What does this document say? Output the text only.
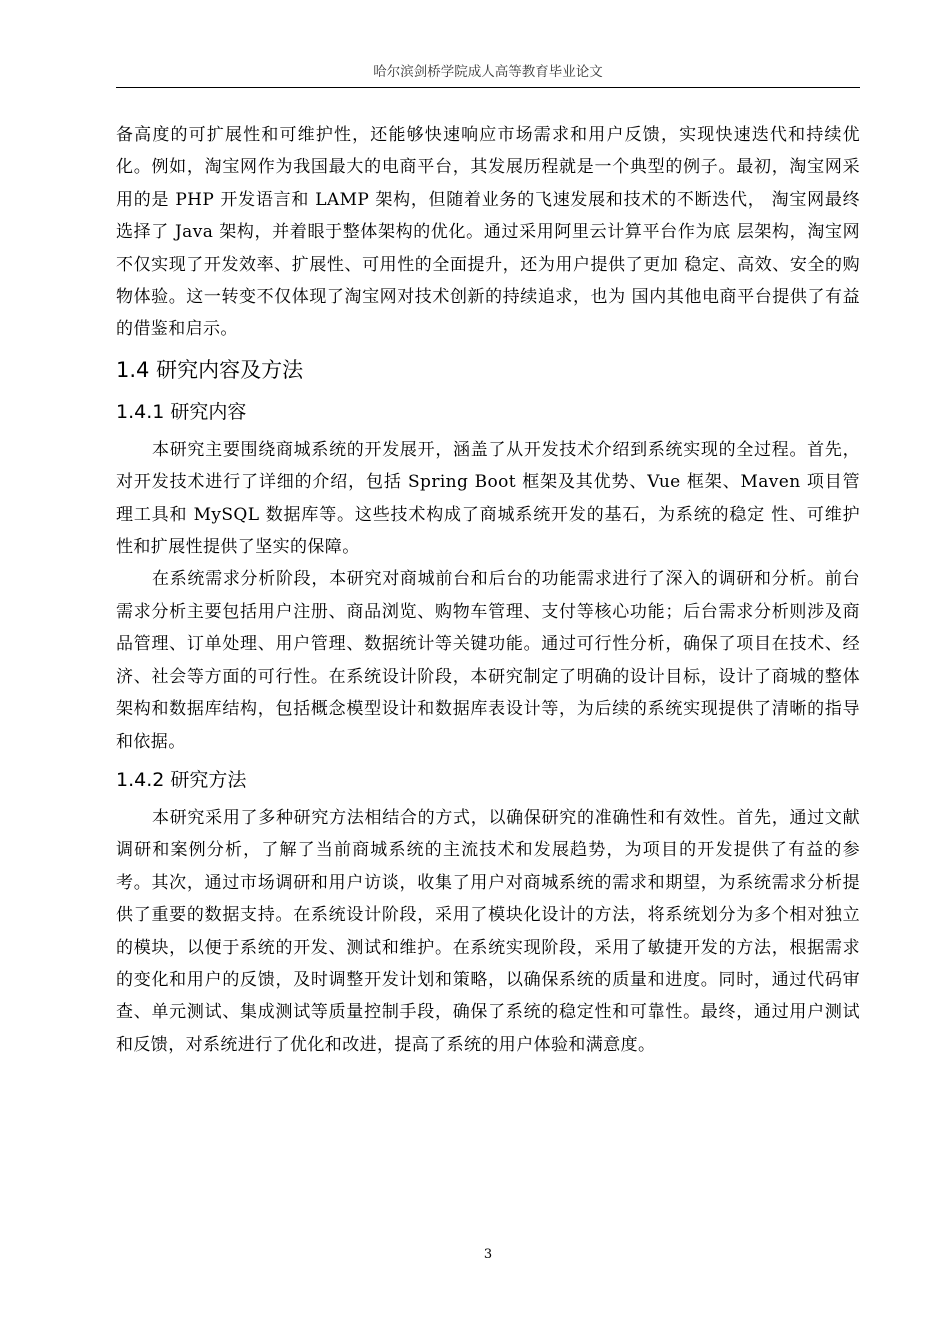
哈尔滨剑桥学院成人高等教育毕业论文

备高度的可扩展性和可维护性，还能够快速响应市场需求和用户反馈，实现快速迭代和持续优化。例如，淘宝网作为我国最大的电商平台，其发展历程就是一个典型的例子。最初，淘宝网采用的是 PHP 开发语言和 LAMP 架构，但随着业务的飞速发展和技术的不断迭代， 淘宝网最终选择了 Java 架构，并着眼于整体架构的优化。通过采用阿里云计算平台作为底 层架构，淘宝网不仅实现了开发效率、扩展性、可用性的全面提升，还为用户提供了更加 稳定、高效、安全的购物体验。这一转变不仅体现了淘宝网对技术创新的持续追求，也为 国内其他电商平台提供了有益的借鉴和启示。

1.4 研究内容及方法
1.4.1 研究内容

本研究主要围绕商城系统的开发展开，涵盖了从开发技术介绍到系统实现的全过程。首先，对开发技术进行了详细的介绍，包括 Spring Boot 框架及其优势、Vue 框架、Maven 项目管理工具和 MySQL 数据库等。这些技术构成了商城系统开发的基石，为系统的稳定 性、可维护性和扩展性提供了坚实的保障。

在系统需求分析阶段，本研究对商城前台和后台的功能需求进行了深入的调研和分析。前台需求分析主要包括用户注册、商品浏览、购物车管理、支付等核心功能；后台需求分析则涉及商品管理、订单处理、用户管理、数据统计等关键功能。通过可行性分析，确保了项目在技术、经济、社会等方面的可行性。在系统设计阶段，本研究制定了明确的设计目标，设计了商城的整体架构和数据库结构，包括概念模型设计和数据库表设计等，为后续的系统实现提供了清晰的指导和依据。

1.4.2 研究方法

本研究采用了多种研究方法相结合的方式，以确保研究的准确性和有效性。首先，通过文献调研和案例分析，了解了当前商城系统的主流技术和发展趋势，为项目的开发提供了有益的参考。其次，通过市场调研和用户访谈，收集了用户对商城系统的需求和期望，为系统需求分析提供了重要的数据支持。在系统设计阶段，采用了模块化设计的方法，将系统划分为多个相对独立的模块，以便于系统的开发、测试和维护。在系统实现阶段，采用了敏捷开发的方法，根据需求的变化和用户的反馈，及时调整开发计划和策略，以确保系统的质量和进度。同时，通过代码审查、单元测试、集成测试等质量控制手段，确保了系统的稳定性和可靠性。最终，通过用户测试和反馈，对系统进行了优化和改进，提高了系统的用户体验和满意度。

3
